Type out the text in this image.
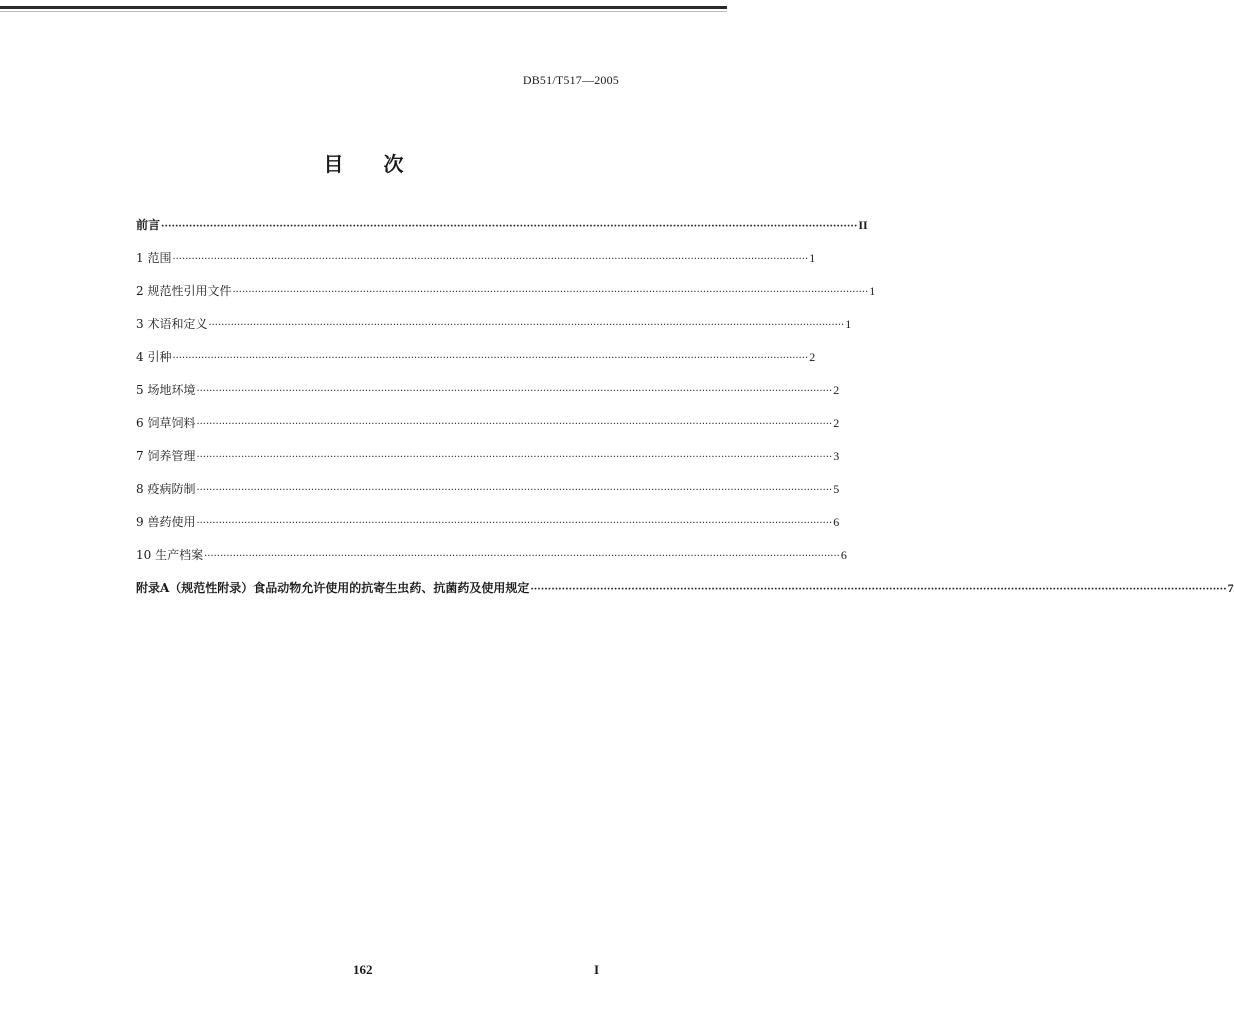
DB51/T517—2005
目 次
前言 ········································································································································································································ II
1 范围 ········································································································································································································ 1
2 规范性引用文件 ········································································································································································································ 1
3 术语和定义 ········································································································································································································ 1
4 引种 ········································································································································································································ 2
5 场地环境 ········································································································································································································ 2
6 饲草饲料 ········································································································································································································ 2
7 饲养管理 ········································································································································································································ 3
8 疫病防制 ········································································································································································································ 5
9 兽药使用 ········································································································································································································ 6
10 生产档案 ········································································································································································································ 6
附录A（规范性附录）食品动物允许使用的抗寄生虫药、抗菌药及使用规定 ········································································································································································································ 7
162	I
